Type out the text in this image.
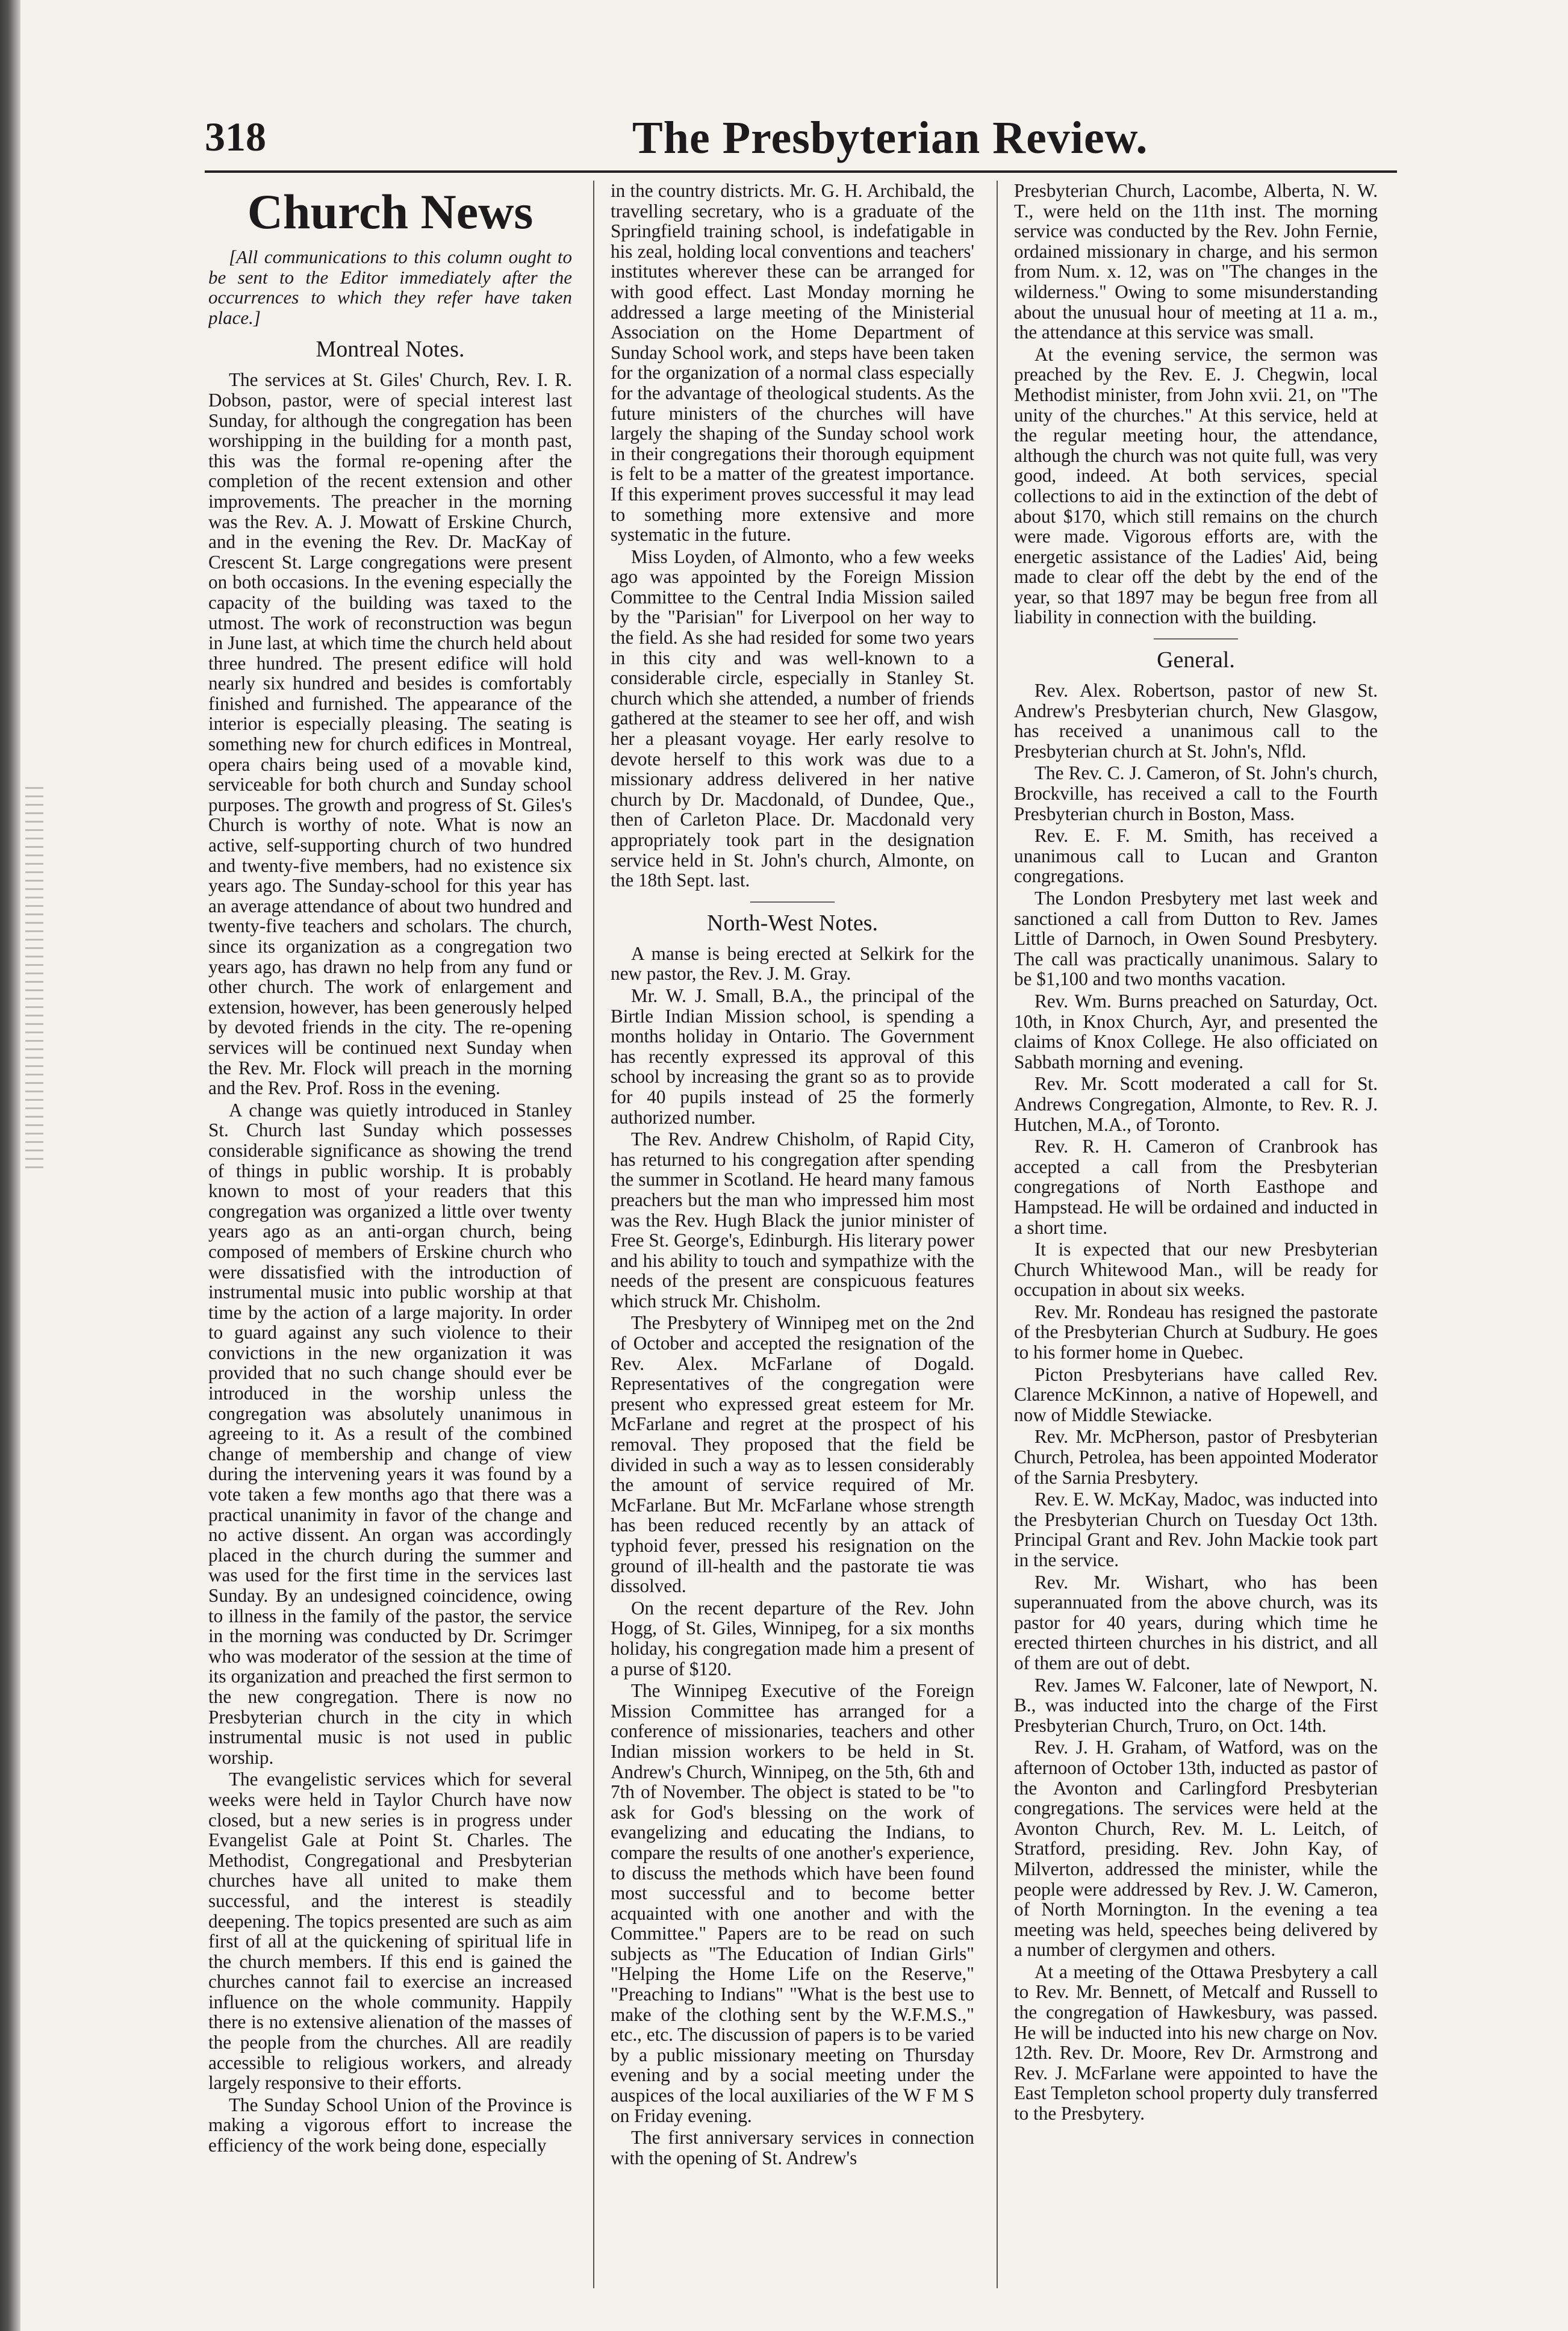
318	The Presbyterian Review.
Church News
[All communications to this column ought to be sent to the Editor immediately after the occurrences to which they refer have taken place.]
Montreal Notes.

The services at St. Giles' Church, Rev. I. R. Dobson, pastor, were of special interest last Sunday, for although the congregation has been worshipping in the building for a month past, this was the formal re-opening after the completion of the recent extension and other improvements. The preacher in the morning was the Rev. A. J. Mowatt of Erskine Church, and in the evening the Rev. Dr. MacKay of Crescent St. Large congregations were present on both occasions. In the evening especially the capacity of the building was taxed to the utmost. The work of reconstruction was begun in June last, at which time the church held about three hundred. The present edifice will hold nearly six hundred and besides is comfortably finished and furnished. The appearance of the interior is especially pleasing. The seating is something new for church edifices in Montreal, opera chairs being used of a movable kind, serviceable for both church and Sunday school purposes. The growth and progress of St. Giles's Church is worthy of note. What is now an active, self-supporting church of two hundred and twenty-five members, had no existence six years ago. The Sunday-school for this year has an average attendance of about two hundred and twenty-five teachers and scholars. The church, since its organization as a congregation two years ago, has drawn no help from any fund or other church. The work of enlargement and extension, however, has been generously helped by devoted friends in the city. The re-opening services will be continued next Sunday when the Rev. Mr. Flock will preach in the morning and the Rev. Prof. Ross in the evening.

A change was quietly introduced in Stanley St. Church last Sunday which possesses considerable significance as showing the trend of things in public worship. It is probably known to most of your readers that this congregation was organized a little over twenty years ago as an anti-organ church, being composed of members of Erskine church who were dissatisfied with the introduction of instrumental music into public worship at that time by the action of a large majority. In order to guard against any such violence to their convictions in the new organization it was provided that no such change should ever be introduced in the worship unless the congregation was absolutely unanimous in agreeing to it. As a result of the combined change of membership and change of view during the intervening years it was found by a vote taken a few months ago that there was a practical unanimity in favor of the change and no active dissent. An organ was accordingly placed in the church during the summer and was used for the first time in the services last Sunday. By an undesigned coincidence, owing to illness in the family of the pastor, the service in the morning was conducted by Dr. Scrimger who was moderator of the session at the time of its organization and preached the first sermon to the new congregation. There is now no Presbyterian church in the city in which instrumental music is not used in public worship.

The evangelistic services which for several weeks were held in Taylor Church have now closed, but a new series is in progress under Evangelist Gale at Point St. Charles. The Methodist, Congregational and Presbyterian churches have all united to make them successful, and the interest is steadily deepening. The topics presented are such as aim first of all at the quickening of spiritual life in the church members. If this end is gained the churches cannot fail to exercise an increased influence on the whole community. Happily there is no extensive alienation of the masses of the people from the churches. All are readily accessible to religious workers, and already largely responsive to their efforts.

The Sunday School Union of the Province is making a vigorous effort to increase the efficiency of the work being done, especially

in the country districts. Mr. G. H. Archibald, the travelling secretary, who is a graduate of the Springfield training school, is indefatigable in his zeal, holding local conventions and teachers' institutes wherever these can be arranged for with good effect. Last Monday morning he addressed a large meeting of the Ministerial Association on the Home Department of Sunday School work, and steps have been taken for the organization of a normal class especially for the advantage of theological students. As the future ministers of the churches will have largely the shaping of the Sunday school work in their congregations their thorough equipment is felt to be a matter of the greatest importance. If this experiment proves successful it may lead to something more extensive and more systematic in the future.

Miss Loyden, of Almonto, who a few weeks ago was appointed by the Foreign Mission Committee to the Central India Mission sailed by the "Parisian" for Liverpool on her way to the field. As she had resided for some two years in this city and was well-known to a considerable circle, especially in Stanley St. church which she attended, a number of friends gathered at the steamer to see her off, and wish her a pleasant voyage. Her early resolve to devote herself to this work was due to a missionary address delivered in her native church by Dr. Macdonald, of Dundee, Que., then of Carleton Place. Dr. Macdonald very appropriately took part in the designation service held in St. John's church, Almonte, on the 18th Sept. last.

North-West Notes.

A manse is being erected at Selkirk for the new pastor, the Rev. J. M. Gray.

Mr. W. J. Small, B.A., the principal of the Birtle Indian Mission school, is spending a months holiday in Ontario. The Government has recently expressed its approval of this school by increasing the grant so as to provide for 40 pupils instead of 25 the formerly authorized number.

The Rev. Andrew Chisholm, of Rapid City, has returned to his congregation after spending the summer in Scotland. He heard many famous preachers but the man who impressed him most was the Rev. Hugh Black the junior minister of Free St. George's, Edinburgh. His literary power and his ability to touch and sympathize with the needs of the present are conspicuous features which struck Mr. Chisholm.

The Presbytery of Winnipeg met on the 2nd of October and accepted the resignation of the Rev. Alex. McFarlane of Dogald. Representatives of the congregation were present who expressed great esteem for Mr. McFarlane and regret at the prospect of his removal. They proposed that the field be divided in such a way as to lessen considerably the amount of service required of Mr. McFarlane. But Mr. McFarlane whose strength has been reduced recently by an attack of typhoid fever, pressed his resignation on the ground of ill-health and the pastorate tie was dissolved.

On the recent departure of the Rev. John Hogg, of St. Giles, Winnipeg, for a six months holiday, his congregation made him a present of a purse of $120.

The Winnipeg Executive of the Foreign Mission Committee has arranged for a conference of missionaries, teachers and other Indian mission workers to be held in St. Andrew's Church, Winnipeg, on the 5th, 6th and 7th of November. The object is stated to be "to ask for God's blessing on the work of evangelizing and educating the Indians, to compare the results of one another's experience, to discuss the methods which have been found most successful and to become better acquainted with one another and with the Committee." Papers are to be read on such subjects as "The Education of Indian Girls" "Helping the Home Life on the Reserve," "Preaching to Indians" "What is the best use to make of the clothing sent by the W.F.M.S.," etc., etc. The discussion of papers is to be varied by a public missionary meeting on Thursday evening and by a social meeting under the auspices of the local auxiliaries of the W F M S on Friday evening.

The first anniversary services in connection with the opening of St. Andrew's

Presbyterian Church, Lacombe, Alberta, N. W. T., were held on the 11th inst. The morning service was conducted by the Rev. John Fernie, ordained missionary in charge, and his sermon from Num. x. 12, was on "The changes in the wilderness." Owing to some misunderstanding about the unusual hour of meeting at 11 a. m., the attendance at this service was small.

At the evening service, the sermon was preached by the Rev. E. J. Chegwin, local Methodist minister, from John xvii. 21, on "The unity of the churches." At this service, held at the regular meeting hour, the attendance, although the church was not quite full, was very good, indeed. At both services, special collections to aid in the extinction of the debt of about $170, which still remains on the church were made. Vigorous efforts are, with the energetic assistance of the Ladies' Aid, being made to clear off the debt by the end of the year, so that 1897 may be begun free from all liability in connection with the building.

General.

Rev. Alex. Robertson, pastor of new St. Andrew's Presbyterian church, New Glasgow, has received a unanimous call to the Presbyterian church at St. John's, Nfld.

The Rev. C. J. Cameron, of St. John's church, Brockville, has received a call to the Fourth Presbyterian church in Boston, Mass.

Rev. E. F. M. Smith, has received a unanimous call to Lucan and Granton congregations.

The London Presbytery met last week and sanctioned a call from Dutton to Rev. James Little of Darnoch, in Owen Sound Presbytery. The call was practically unanimous. Salary to be $1,100 and two months vacation.

Rev. Wm. Burns preached on Saturday, Oct. 10th, in Knox Church, Ayr, and presented the claims of Knox College. He also officiated on Sabbath morning and evening.

Rev. Mr. Scott moderated a call for St. Andrews Congregation, Almonte, to Rev. R. J. Hutchen, M.A., of Toronto.

Rev. R. H. Cameron of Cranbrook has accepted a call from the Presbyterian congregations of North Easthope and Hampstead. He will be ordained and inducted in a short time.

It is expected that our new Presbyterian Church Whitewood Man., will be ready for occupation in about six weeks.

Rev. Mr. Rondeau has resigned the pastorate of the Presbyterian Church at Sudbury. He goes to his former home in Quebec.

Picton Presbyterians have called Rev. Clarence McKinnon, a native of Hopewell, and now of Middle Stewiacke.

Rev. Mr. McPherson, pastor of Presbyterian Church, Petrolea, has been appointed Moderator of the Sarnia Presbytery.

Rev. E. W. McKay, Madoc, was inducted into the Presbyterian Church on Tuesday Oct 13th. Principal Grant and Rev. John Mackie took part in the service.

Rev. Mr. Wishart, who has been superannuated from the above church, was its pastor for 40 years, during which time he erected thirteen churches in his district, and all of them are out of debt.

Rev. James W. Falconer, late of Newport, N. B., was inducted into the charge of the First Presbyterian Church, Truro, on Oct. 14th.

Rev. J. H. Graham, of Watford, was on the afternoon of October 13th, inducted as pastor of the Avonton and Carlingford Presbyterian congregations. The services were held at the Avonton Church, Rev. M. L. Leitch, of Stratford, presiding. Rev. John Kay, of Milverton, addressed the minister, while the people were addressed by Rev. J. W. Cameron, of North Mornington. In the evening a tea meeting was held, speeches being delivered by a number of clergymen and others.

At a meeting of the Ottawa Presbytery a call to Rev. Mr. Bennett, of Metcalf and Russell to the congregation of Hawkesbury, was passed. He will be inducted into his new charge on Nov. 12th. Rev. Dr. Moore, Rev Dr. Armstrong and Rev. J. McFarlane were appointed to have the East Templeton school property duly transferred to the Presbytery.
